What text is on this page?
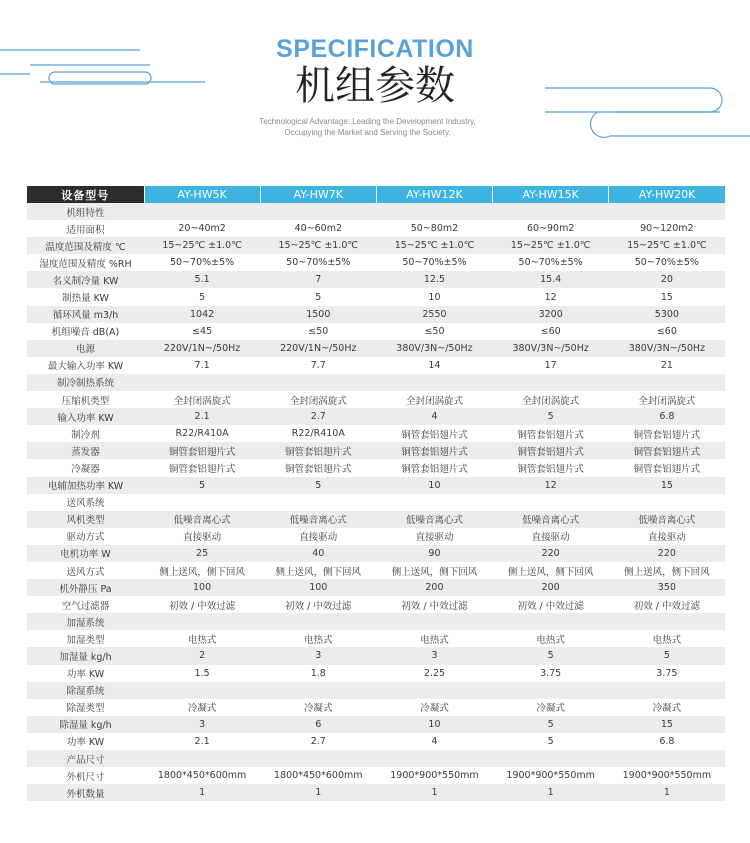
SPECIFICATION
机组参数
Technological Advantage: Leading the Development Industry, Occupying the Market and Serving the Society.
设备型号	AY-HW5K	AY-HW7K	AY-HW12K	AY-HW15K	AY-HW20K
机组特性					
适用面积	20~40m2	40~60m2	50~80m2	60~90m2	90~120m2
温度范围及精度 ℃	15~25℃ ±1.0℃	15~25℃ ±1.0℃	15~25℃ ±1.0℃	15~25℃ ±1.0℃	15~25℃ ±1.0℃
湿度范围及精度 %RH	50~70%±5%	50~70%±5%	50~70%±5%	50~70%±5%	50~70%±5%
名义制冷量 KW	5.1	7	12.5	15.4	20
制热量 KW	5	5	10	12	15
循环风量 m3/h	1042	1500	2550	3200	5300
机组噪音 dB(A)	≤45	≤50	≤50	≤60	≤60
电源	220V/1N~/50Hz	220V/1N~/50Hz	380V/3N~/50Hz	380V/3N~/50Hz	380V/3N~/50Hz
最大输入功率 KW	7.1	7.7	14	17	21
制冷制热系统					
压缩机类型	全封闭涡旋式	全封闭涡旋式	全封闭涡旋式	全封闭涡旋式	全封闭涡旋式
输入功率 KW	2.1	2.7	4	5	6.8
制冷剂	R22/R410A	R22/R410A	铜管套铝翅片式	铜管套铝翅片式	铜管套铝翅片式
蒸发器	铜管套铝翅片式	铜管套铝翅片式	铜管套铝翅片式	铜管套铝翅片式	铜管套铝翅片式
冷凝器	铜管套铝翅片式	铜管套铝翅片式	铜管套铝翅片式	铜管套铝翅片式	铜管套铝翅片式
电辅加热功率 KW	5	5	10	12	15
送风系统					
风机类型	低噪音离心式	低噪音离心式	低噪音离心式	低噪音离心式	低噪音离心式
驱动方式	直接驱动	直接驱动	直接驱动	直接驱动	直接驱动
电机功率 W	25	40	90	220	220
送风方式	侧上送风，侧下回风	侧上送风，侧下回风	侧上送风，侧下回风	侧上送风，侧下回风	侧上送风，侧下回风
机外静压 Pa	100	100	200	200	350
空气过滤器	初效 / 中效过滤	初效 / 中效过滤	初效 / 中效过滤	初效 / 中效过滤	初效 / 中效过滤
加湿系统					
加湿类型	电热式	电热式	电热式	电热式	电热式
加湿量 kg/h	2	3	3	5	5
功率 KW	1.5	1.8	2.25	3.75	3.75
除湿系统					
除湿类型	冷凝式	冷凝式	冷凝式	冷凝式	冷凝式
除湿量 kg/h	3	6	10	5	15
功率 KW	2.1	2.7	4	5	6.8
产品尺寸					
外机尺寸	1800*450*600mm	1800*450*600mm	1900*900*550mm	1900*900*550mm	1900*900*550mm
外机数量	1	1	1	1	1
